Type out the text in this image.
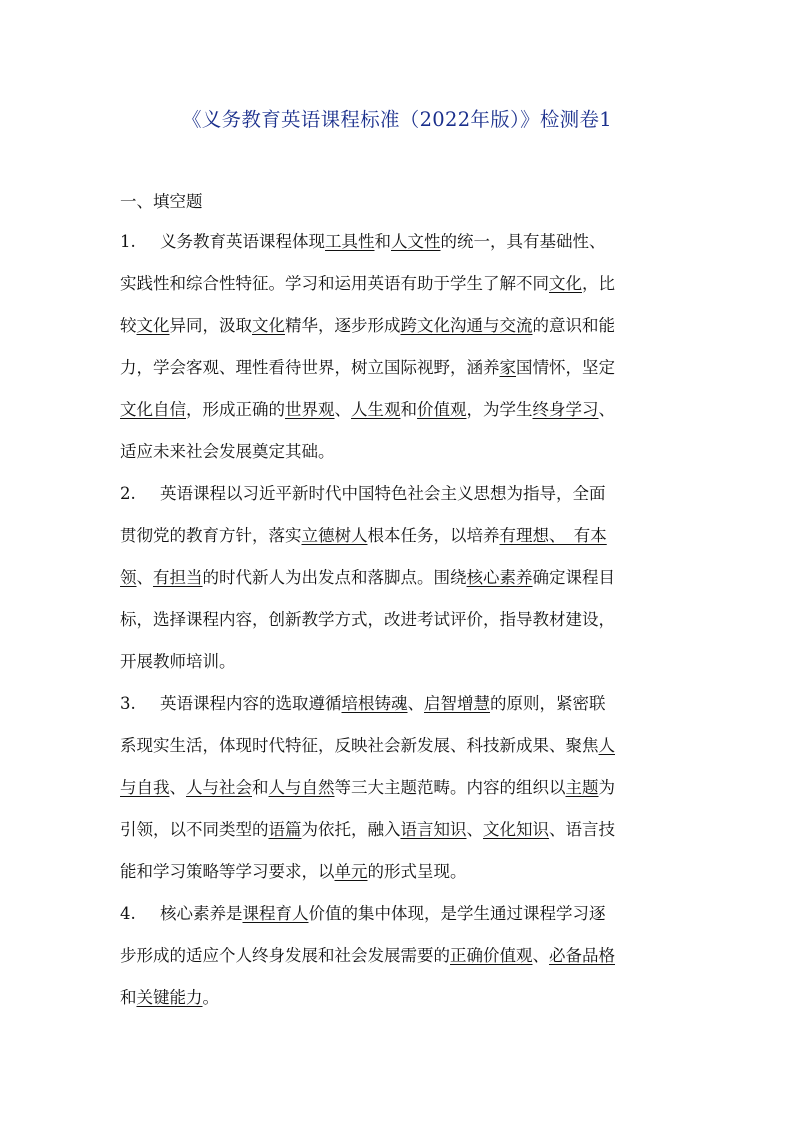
《义务教育英语课程标准（2022年版）》检测卷1
一、填空题
1. 义务教育英语课程体现工具性和人文性的统一，具有基础性、
实践性和综合性特征。学习和运用英语有助于学生了解不同文化，比
较文化异同，汲取文化精华，逐步形成跨文化沟通与交流的意识和能
力，学会客观、理性看待世界，树立国际视野，涵养家国情怀，坚定
文化自信，形成正确的世界观、人生观和价值观，为学生终身学习、
适应未来社会发展奠定其础。
2. 英语课程以习近平新时代中国特色社会主义思想为指导，全面
贯彻党的教育方针，落实立德树人根本任务，以培养有理想、　有本
领、有担当的时代新人为出发点和落脚点。围绕核心素养确定课程目
标，选择课程内容，创新教学方式，改进考试评价，指导教材建设，
开展教师培训。
3. 英语课程内容的选取遵循培根铸魂、启智增慧的原则，紧密联
系现实生活，体现时代特征，反映社会新发展、科技新成果、聚焦人
与自我、人与社会和人与自然等三大主题范畴。内容的组织以主题为
引领，以不同类型的语篇为依托，融入语言知识、文化知识、语言技
能和学习策略等学习要求，以单元的形式呈现。
4. 核心素养是课程育人价值的集中体现，是学生通过课程学习逐
步形成的适应个人终身发展和社会发展需要的正确价值观、必备品格
和关键能力。
